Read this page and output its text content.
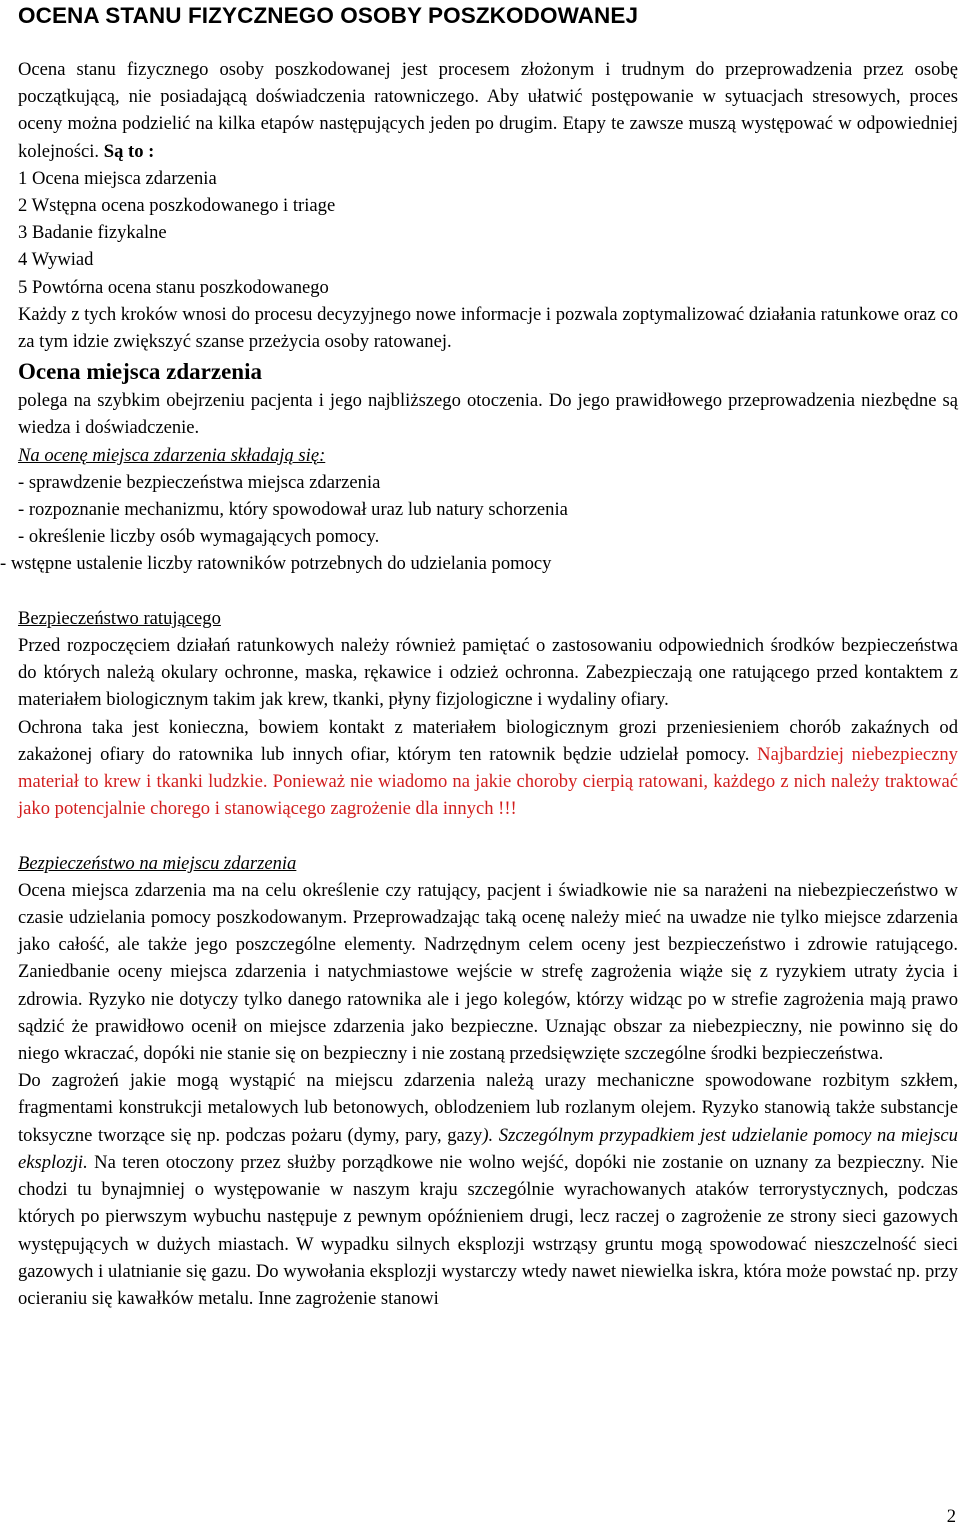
OCENA STANU FIZYCZNEGO OSOBY POSZKODOWANEJ

Ocena stanu fizycznego osoby poszkodowanej jest procesem złożonym i trudnym do przeprowadzenia przez osobę początkującą, nie posiadającą doświadczenia ratowniczego. Aby ułatwić postępowanie w sytuacjach stresowych, proces oceny można podzielić na kilka etapów następujących jeden po drugim. Etapy te zawsze muszą występować w odpowiedniej kolejności. Są to :

1 Ocena miejsca zdarzenia
2 Wstępna ocena poszkodowanego i triage
3 Badanie fizykalne
4 Wywiad
5 Powtórna ocena stanu poszkodowanego

Każdy z tych kroków wnosi do procesu decyzyjnego nowe informacje i pozwala zoptymalizować działania ratunkowe oraz co za tym idzie zwiększyć szanse przeżycia osoby ratowanej.

Ocena miejsca zdarzenia

polega na szybkim obejrzeniu pacjenta i jego najbliższego otoczenia. Do jego prawidłowego przeprowadzenia niezbędne są wiedza i doświadczenie.

Na ocenę miejsca zdarzenia składają się:
- sprawdzenie bezpieczeństwa miejsca zdarzenia
- rozpoznanie mechanizmu, który spowodował uraz lub natury schorzenia
- określenie liczby osób wymagających pomocy.
- wstępne ustalenie liczby ratowników potrzebnych do udzielania pomocy
Bezpieczeństwo ratującego

Przed rozpoczęciem działań ratunkowych należy również pamiętać o zastosowaniu odpowiednich środków bezpieczeństwa do których należą okulary ochronne, maska, rękawice i odzież ochronna. Zabezpieczają one ratującego przed kontaktem z materiałem biologicznym takim jak krew, tkanki, płyny fizjologiczne i wydaliny ofiary.

Ochrona taka jest konieczna, bowiem kontakt z materiałem biologicznym grozi przeniesieniem chorób zakaźnych od zakażonej ofiary do ratownika lub innych ofiar, którym ten ratownik będzie udzielał pomocy. Najbardziej niebezpieczny materiał to krew i tkanki ludzkie. Ponieważ nie wiadomo na jakie choroby cierpią ratowani, każdego z nich należy traktować jako potencjalnie chorego i stanowiącego zagrożenie dla innych !!!

Bezpieczeństwo na miejscu zdarzenia

Ocena miejsca zdarzenia ma na celu określenie czy ratujący, pacjent i świadkowie nie sa narażeni na niebezpieczeństwo w czasie udzielania pomocy poszkodowanym. Przeprowadzając taką ocenę należy mieć na uwadze nie tylko miejsce zdarzenia jako całość, ale także jego poszczególne elementy. Nadrzędnym celem oceny jest bezpieczeństwo i zdrowie ratującego. Zaniedbanie oceny miejsca zdarzenia i natychmiastowe wejście w strefę zagrożenia wiąże się z ryzykiem utraty życia i zdrowia. Ryzyko nie dotyczy tylko danego ratownika ale i jego kolegów, którzy widząc po w strefie zagrożenia mają prawo sądzić że prawidłowo ocenił on miejsce zdarzenia jako bezpieczne. Uznając obszar za niebezpieczny, nie powinno się do niego wkraczać, dopóki nie stanie się on bezpieczny i nie zostaną przedsięwzięte szczególne środki bezpieczeństwa.

Do zagrożeń jakie mogą wystąpić na miejscu zdarzenia należą urazy mechaniczne spowodowane rozbitym szkłem, fragmentami konstrukcji metalowych lub betonowych, oblodzeniem lub rozlanym olejem. Ryzyko stanowią także substancje toksyczne tworzące się np. podczas pożaru (dymy, pary, gazy). Szczególnym przypadkiem jest udzielanie pomocy na miejscu eksplozji. Na teren otoczony przez służby porządkowe nie wolno wejść, dopóki nie zostanie on uznany za bezpieczny. Nie chodzi tu bynajmniej o występowanie w naszym kraju szczególnie wyrachowanych ataków terrorystycznych, podczas których po pierwszym wybuchu następuje z pewnym opóźnieniem drugi, lecz raczej o zagrożenie ze strony sieci gazowych występujących w dużych miastach. W wypadku silnych eksplozji wstrząsy gruntu mogą spowodować nieszczelność sieci gazowych i ulatnianie się gazu. Do wywołania eksplozji wystarczy wtedy nawet niewielka iskra, która może powstać np. przy ocieraniu się kawałków metalu. Inne zagrożenie stanowi

2
